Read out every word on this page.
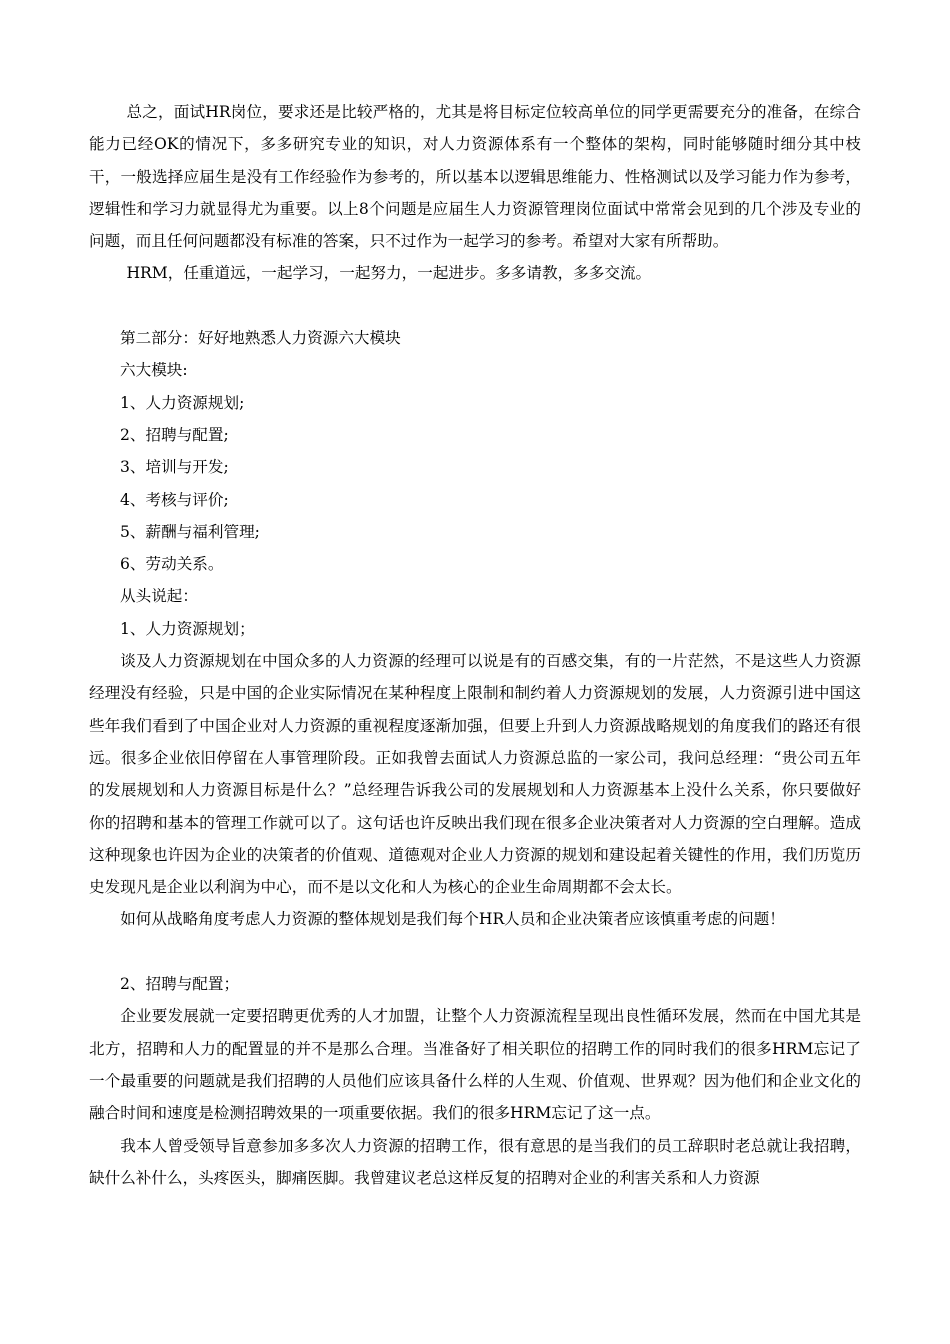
总之，面试HR岗位，要求还是比较严格的，尤其是将目标定位较高单位的同学更需要充分的准备，在综合能力已经OK的情况下，多多研究专业的知识，对人力资源体系有一个整体的架构，同时能够随时细分其中枝干，一般选择应届生是没有工作经验作为参考的，所以基本以逻辑思维能力、性格测试以及学习能力作为参考，逻辑性和学习力就显得尤为重要。以上8个问题是应届生人力资源管理岗位面试中常常会见到的几个涉及专业的问题，而且任何问题都没有标准的答案，只不过作为一起学习的参考。希望对大家有所帮助。

HRM，任重道远，一起学习，一起努力，一起进步。多多请教，多多交流。

第二部分：好好地熟悉人力资源六大模块

六大模块:

1、人力资源规划;

2、招聘与配置;

3、培训与开发;

4、考核与评价;

5、薪酬与福利管理;

6、劳动关系。

从头说起：

1、人力资源规划；

谈及人力资源规划在中国众多的人力资源的经理可以说是有的百感交集，有的一片茫然，不是这些人力资源经理没有经验，只是中国的企业实际情况在某种程度上限制和制约着人力资源规划的发展，人力资源引进中国这些年我们看到了中国企业对人力资源的重视程度逐渐加强，但要上升到人力资源战略规划的角度我们的路还有很远。很多企业依旧停留在人事管理阶段。正如我曾去面试人力资源总监的一家公司，我问总经理：“贵公司五年的发展规划和人力资源目标是什么？”总经理告诉我公司的发展规划和人力资源基本上没什么关系，你只要做好你的招聘和基本的管理工作就可以了。这句话也许反映出我们现在很多企业决策者对人力资源的空白理解。造成这种现象也许因为企业的决策者的价值观、道德观对企业人力资源的规划和建设起着关键性的作用，我们历览历史发现凡是企业以利润为中心，而不是以文化和人为核心的企业生命周期都不会太长。

如何从战略角度考虑人力资源的整体规划是我们每个HR人员和企业决策者应该慎重考虑的问题！

2、招聘与配置；

企业要发展就一定要招聘更优秀的人才加盟，让整个人力资源流程呈现出良性循环发展，然而在中国尤其是北方，招聘和人力的配置显的并不是那么合理。当准备好了相关职位的招聘工作的同时我们的很多HRM忘记了一个最重要的问题就是我们招聘的人员他们应该具备什么样的人生观、价值观、世界观？因为他们和企业文化的融合时间和速度是检测招聘效果的一项重要依据。我们的很多HRM忘记了这一点。

我本人曾受领导旨意参加多多次人力资源的招聘工作，很有意思的是当我们的员工辞职时老总就让我招聘，缺什么补什么，头疼医头，脚痛医脚。我曾建议老总这样反复的招聘对企业的利害关系和人力资源
